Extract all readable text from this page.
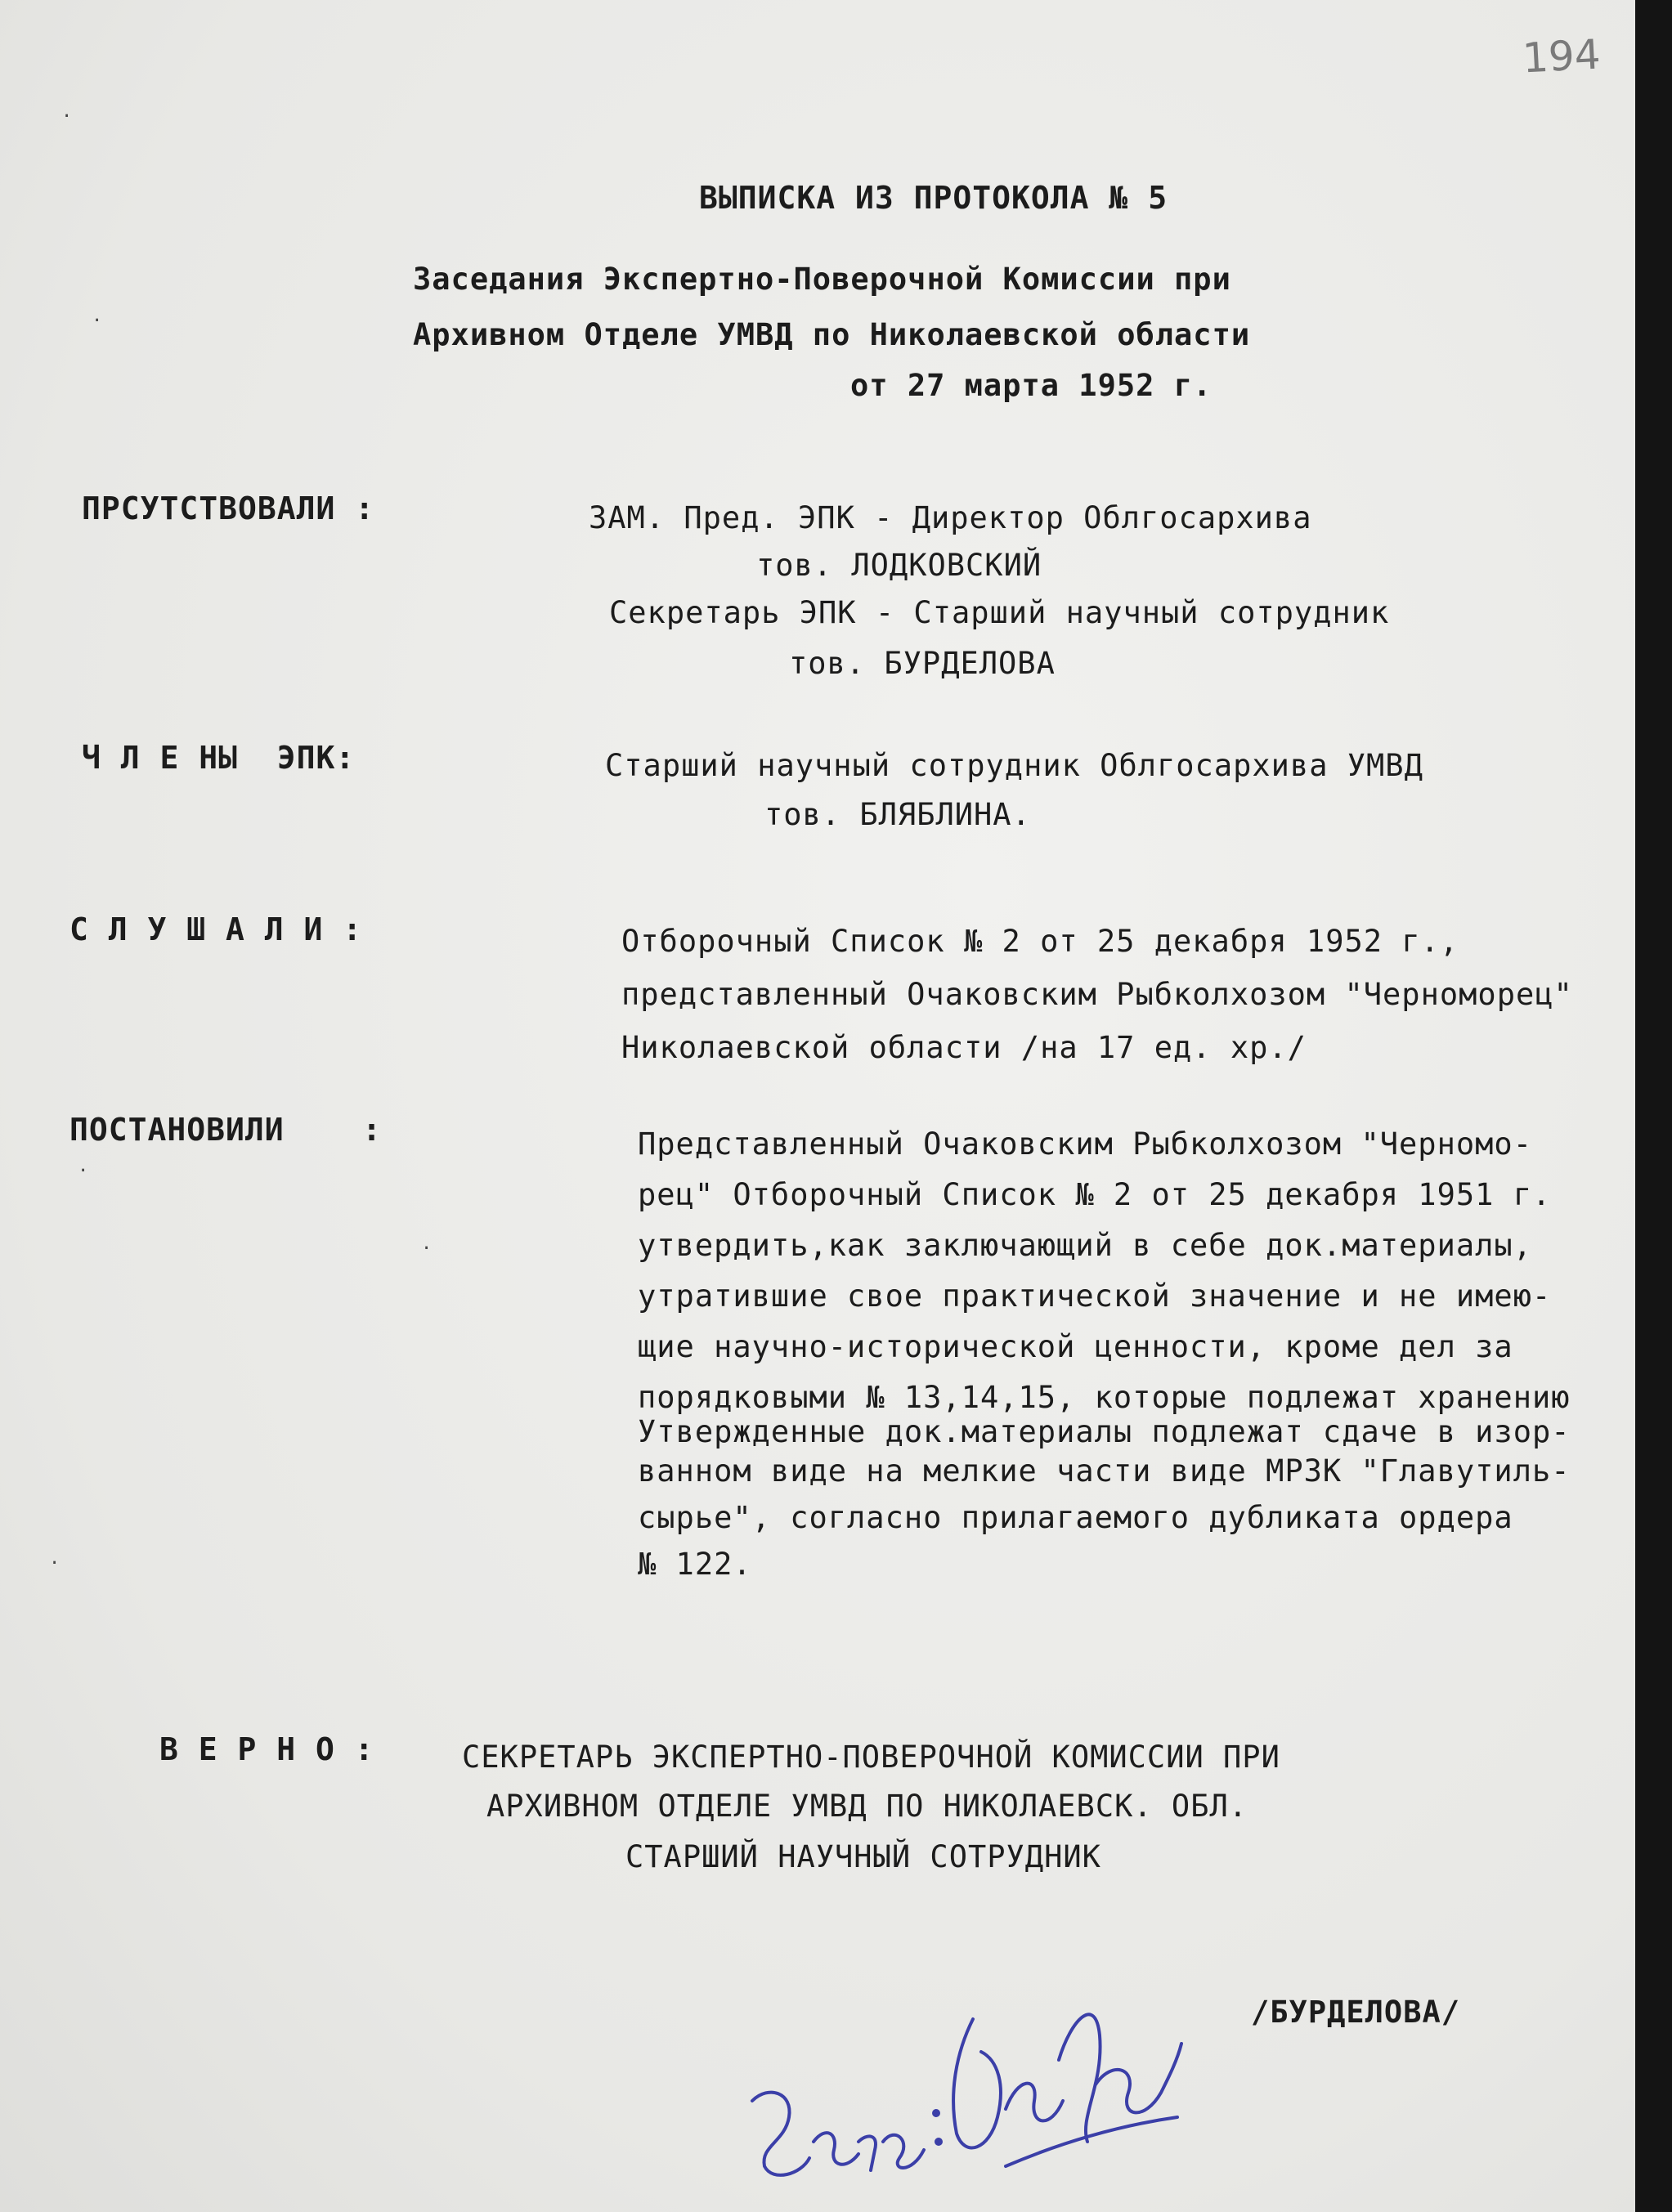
194
ВЫПИСКА ИЗ ПРОТОКОЛА № 5
Заседания Экспертно-Поверочной Комиссии при
Архивном Отделе УМВД по Николаевской области
от 27 марта 1952 г.
ПРСУТСТВОВАЛИ :	ЗАМ. Пред. ЭПК - Директор Облгосархива
тов. ЛОДКОВСКИЙ
Секретарь ЭПК - Старший научный сотрудник
тов. БУРДЕЛОВА
Ч Л Е НЫ  ЭПК:	Старший научный сотрудник Облгосархива УМВД
тов. БЛЯБЛИНА.
С Л У Ш А Л И :	Отборочный Список № 2 от 25 декабря 1952 г.,
представленный Очаковским Рыбколхозом "Черноморец"
Николаевской области /на 17 ед. хр./
ПОСТАНОВИЛИ    :	Представленный Очаковским Рыбколхозом "Черномо-
рец" Отборочный Список № 2 от 25 декабря 1951 г.
утвердить,как заключающий в себе док.материалы,
утратившие свое практической значение и не имею-
щие научно-исторической ценности, кроме дел за
порядковыми № 13,14,15, которые подлежат хранению
Утвержденные док.материалы подлежат сдаче в изор-
ванном виде на мелкие части виде МРЗК "Главутиль-
сырье", согласно прилагаемого дубликата ордера
№ 122.
В Е Р Н О :	СЕКРЕТАРЬ ЭКСПЕРТНО-ПОВЕРОЧНОЙ КОМИССИИ ПРИ
АРХИВНОМ ОТДЕЛЕ УМВД ПО НИКОЛАЕВСК. ОБЛ.
СТАРШИЙ НАУЧНЫЙ СОТРУДНИК
/БУРДЕЛОВА/
·
·
·
·
·
